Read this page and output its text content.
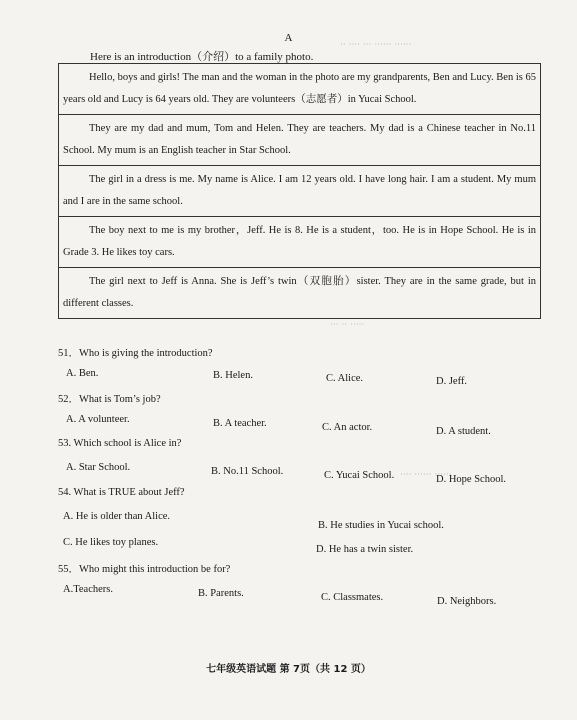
·· ···· ··· ······ ······
··· ·· ·····
···· ······ ······
A
Here is an introduction（介绍）to a family photo.
Hello, boys and girls! The man and the woman in the photo are my grandparents, Ben and Lucy. Ben is 65 years old and Lucy is 64 years old. They are volunteers（志愿者）in Yucai School.
They are my dad and mum, Tom and Helen. They are teachers. My dad is a Chinese teacher in No.11 School. My mum is an English teacher in Star School.
The girl in a dress is me. My name is Alice. I am 12 years old. I have long hair. I am a student. My mum and I are in the same school.
The boy next to me is my brother，Jeff. He is 8. He is a student，too. He is in Hope School. He is in Grade 3. He likes toy cars.
The girl next to Jeff is Anna. She is Jeff’s twin（双胞胎）sister. They are in the same grade, but in different classes.
51．Who is giving the introduction?
A. Ben.	B. Helen.	C. Alice.	D. Jeff.
52．What is Tom’s job?
A. A volunteer.	B. A teacher.	C. An actor.	D. A student.
53. Which school is Alice in?
A. Star School.	B. No.11 School.	C. Yucai School.	D. Hope School.
54. What is TRUE about Jeff?
A. He is older than Alice.
B. He studies in Yucai school.
C. He likes toy planes.
D. He has a twin sister.
55．Who might this introduction be for?
A.Teachers.	B. Parents.	C. Classmates.	D. Neighbors.
七年级英语试题 第 7页（共 12 页）
